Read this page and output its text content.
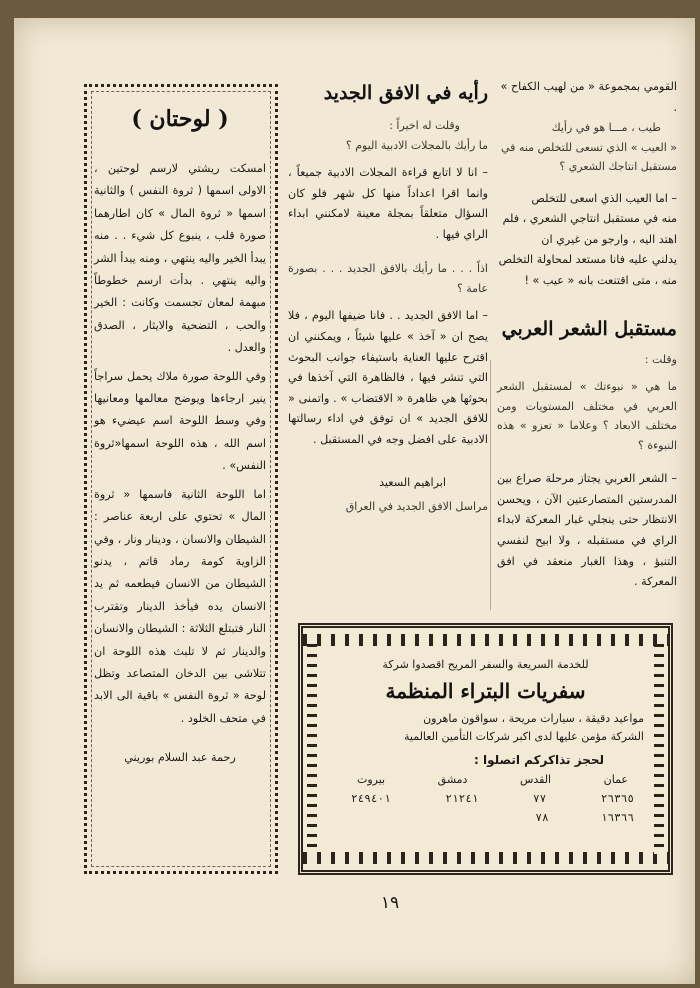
القومي بمجموعة « من لهيب الكفاح » .

طيب ، مـــا هو في رأيك

« العيب » الذي تسعى للتخلص منه في

مستقبل انتاجك الشعري ؟

– اما العيب الذي اسعى للتخلص

منه في مستقبل انتاجي الشعري ، فلم

اهتد اليه ، وارجو من غيري ان

يدلني عليه فانا مستعد لمحاولة التخلص

منه ، متى اقتنعت بانه « عيب » !

مستقبل الشعر العربي

وقلت :

ما هي « نبوءتك » لمستقبل الشعر العربي في مختلف المستويات ومن مختلف الابعاد ؟ وعلاما « تعزو » هذه النبوءة ؟

– الشعر العربي يجتاز مرحلة صراع بين المدرستين المتصارعتين الآن ، ويحسن الانتظار حتى ينجلي غبار المعركة لابداء الراي في مستقبله ، ولا ابيح لنفسي التنبؤ ، وهذا الغبار منعقد في افق المعركة .

رأيه في الافق الجديد

وقلت له اخيراً :

ما رأيك بالمجلات الادبية اليوم ؟

– انا لا اتابع قراءة المجلات الادبية جميعاً ، وانما اقرا اعداداً منها كل شهر فلو كان السؤال متعلقاً بمجلة معينة لامكنني ابداء الراي فيها .

اذاً . . . ما رأيك بالافق الجديد . . . بصورة عامة ؟

– اما الافق الجديد . . فانا ضيفها اليوم ، فلا يصح ان « آخذ » عليها شيئاً ، ويمكنني ان اقترح عليها العناية باستيفاء جوانب البحوث التي تنشر فيها ، فالظاهرة التي آخذها في بحوثها هي ظاهرة « الاقتضاب » . واتمنى « للافق الجديد » ان توفق في اداء رسالتها الادبية على افضل وجه في المستقبل .

ابراهيم السعيد

مراسل الافق الجديد في العراق

( لوحتان )

امسكت ريشتي لارسم لوحتين ، الاولى اسمها ( ثروة النفس ) والثانية اسمها « ثروة المال » كان اطارهما صورة قلب ، ينبوع كل شيء . . منه يبدأ الخير واليه ينتهي ، ومنه يبدأ الشر واليه ينتهي . بدأت ارسم خطوطاً مبهمة لمعان تجسمت وكانت : الخير والحب ، التضحية والايثار ، الصدق والعدل .

وفي اللوحة صورة ملاك يحمل سراجاً ينير ارجاءها ويوضح معالمها ومعانيها وفي وسط اللوحة اسم عيضيء هو اسم الله ، هذه اللوحة اسمها«ثروة النفس» .

اما اللوحة الثانية فاسمها « ثروة المال » تحتوي على اربعة عناصر : الشيطان والانسان ، ودينار ونار ، وفي الزاوية كومة رماد قاتم ، يدنو الشيطان من الانسان فيطعمه ثم يد الانسان يده فيأخذ الدينار وتقترب النار فتبتلع الثلاثة : الشيطان والانسان والدينار ثم لا تلبث هذه اللوحة ان تتلاشى بين الدخان المتصاعد وتظل لوحة « ثروة النفس » باقية الى الابد في متحف الخلود .

رحمة عبد السلام بوريني

للخدمة السريعة والسفر المريح اقصدوا شركة

سفريات البتراء المنظمة

مواعيد دقيقة ، سيارات مريحة ، سواقون ماهرون

الشركة مؤمن عليها لدى اكبر شركات التأمين العالمية

لحجز تذاكركم اتصلوا :

عمان
القدس
دمشق
بيروت
٢٦٣٦٥
٧٧
٢١٢٤١
٢٤٩٤٠١
١٦٣٦٦
٧٨
١٩
